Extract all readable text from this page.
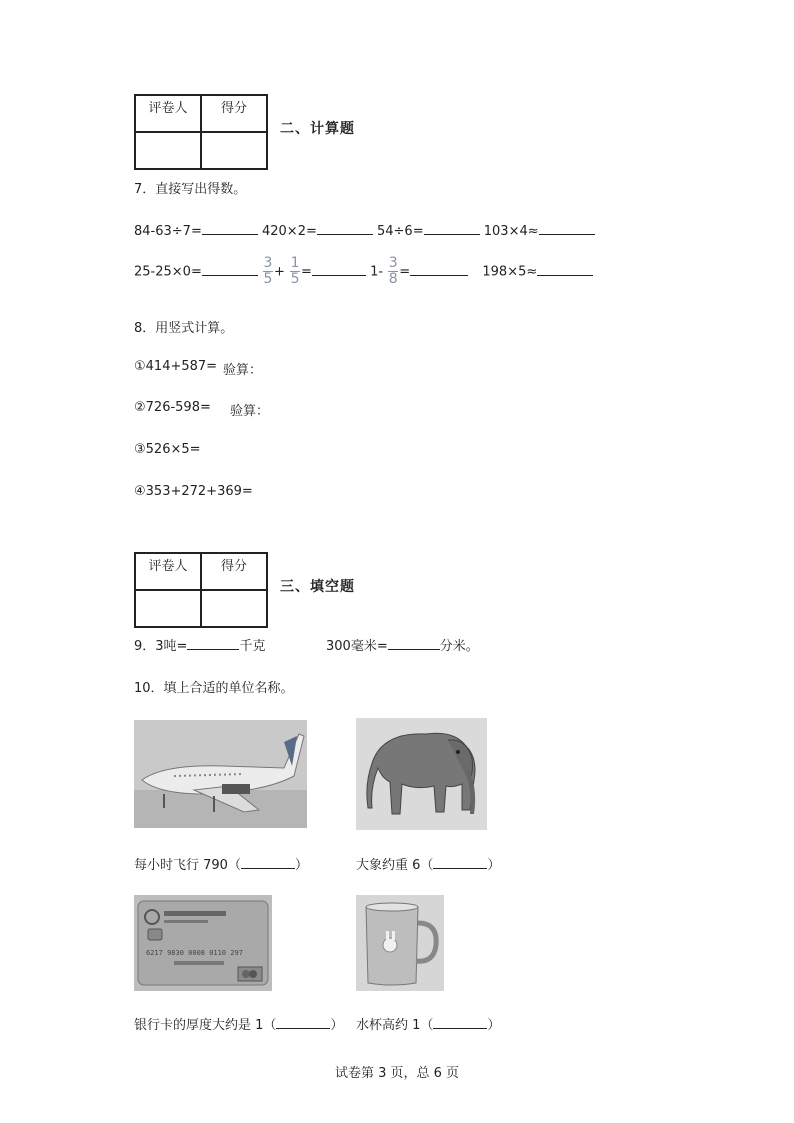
评卷人	得分

二、计算题
7．直接写出得数。
84-63÷7=	420×2=	54÷6=	103×4≈
25-25×0=	$\frac{3}{5} + \frac{1}{5}$ =	$1- \frac{3}{8}$ =	198×5≈
8．用竖式计算。
①414+587= 验算：
②726-598= 验算：
③526×5=
④353+272+369=
评卷人	得分

三、填空题
9．3吨=	千克	300毫米=	分米。
10．填上合适的单位名称。
每小时飞行 790（	）	大象约重 6（	）
6217 9830 0008 0110 297
银行卡的厚度大约是 1（	） 水杯高约 1（	）
试卷第 3 页，总 6 页
